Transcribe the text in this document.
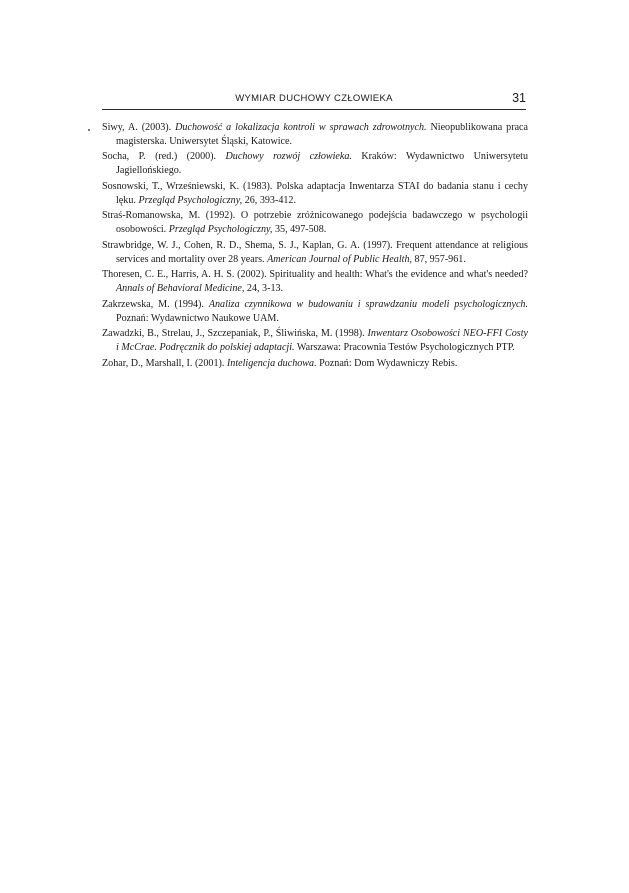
WYMIAR DUCHOWY CZŁOWIEKA	31
Siwy, A. (2003). Duchowość a lokalizacja kontroli w sprawach zdrowotnych. Nieopublikowana praca magisterska. Uniwersytet Śląski, Katowice.
Socha, P. (red.) (2000). Duchowy rozwój człowieka. Kraków: Wydawnictwo Uniwersytetu Jagiellońskiego.
Sosnowski, T., Wrześniewski, K. (1983). Polska adaptacja Inwentarza STAI do badania stanu i cechy lęku. Przegląd Psychologiczny, 26, 393-412.
Straś-Romanowska, M. (1992). O potrzebie zróżnicowanego podejścia badawczego w psychologii osobowości. Przegląd Psychologiczny, 35, 497-508.
Strawbridge, W. J., Cohen, R. D., Shema, S. J., Kaplan, G. A. (1997). Frequent attendance at religious services and mortality over 28 years. American Journal of Public Health, 87, 957-961.
Thoresen, C. E., Harris, A. H. S. (2002). Spirituality and health: What's the evidence and what's needed? Annals of Behavioral Medicine, 24, 3-13.
Zakrzewska, M. (1994). Analiza czynnikowa w budowaniu i sprawdzaniu modeli psychologicznych. Poznań: Wydawnictwo Naukowe UAM.
Zawadzki, B., Strelau, J., Szczepaniak, P., Śliwińska, M. (1998). Inwentarz Osobowości NEO-FFI Costy i McCrae. Podręcznik do polskiej adaptacji. Warszawa: Pracownia Testów Psychologicznych PTP.
Zohar, D., Marshall, I. (2001). Inteligencja duchowa. Poznań: Dom Wydawniczy Rebis.
